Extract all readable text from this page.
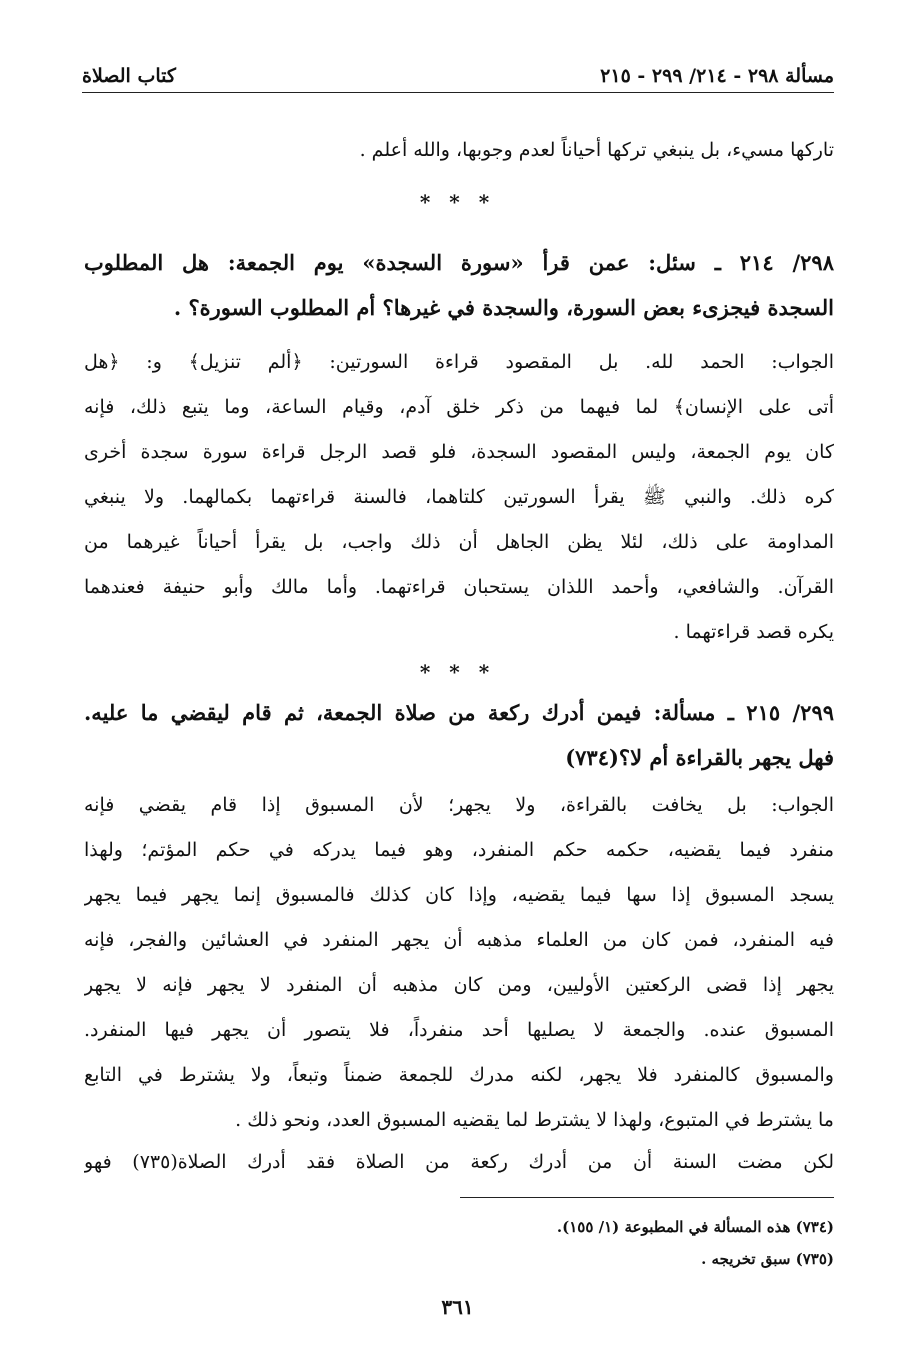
مسألة ٢٩٨ - ٢١٤/ ٢٩٩ - ٢١٥
كتاب الصلاة
تاركها مسيء، بل ينبغي تركها أحياناً لعدم وجوبها، والله أعلم .
* * *
٢٩٨/ ٢١٤ ـ سئل: عمن قرأ «سورة السجدة» يوم الجمعة: هل المطلوب
السجدة فيجزىء بعض السورة، والسجدة في غيرها؟ أم المطلوب السورة؟ .
الجواب: الحمد لله. بل المقصود قراءة السورتين: ﴿ألم تنزيل﴾ و: ﴿هل
أتى على الإنسان﴾ لما فيهما من ذكر خلق آدم، وقيام الساعة، وما يتبع ذلك، فإنه
كان يوم الجمعة، وليس المقصود السجدة، فلو قصد الرجل قراءة سورة سجدة أخرى
كره ذلك. والنبي ﷺ يقرأ السورتين كلتاهما، فالسنة قراءتهما بكمالهما. ولا ينبغي
المداومة على ذلك، لئلا يظن الجاهل أن ذلك واجب، بل يقرأ أحياناً غيرهما من
القرآن. والشافعي، وأحمد اللذان يستحبان قراءتهما. وأما مالك وأبو حنيفة فعندهما
يكره قصد قراءتهما .
* * *
٢٩٩/ ٢١٥ ـ مسألة: فيمن أدرك ركعة من صلاة الجمعة، ثم قام ليقضي ما عليه.
فهل يجهر بالقراءة أم لا؟(٧٣٤)
الجواب: بل يخافت بالقراءة، ولا يجهر؛ لأن المسبوق إذا قام يقضي فإنه
منفرد فيما يقضيه، حكمه حكم المنفرد، وهو فيما يدركه في حكم المؤتم؛ ولهذا
يسجد المسبوق إذا سها فيما يقضيه، وإذا كان كذلك فالمسبوق إنما يجهر فيما يجهر
فيه المنفرد، فمن كان من العلماء مذهبه أن يجهر المنفرد في العشائين والفجر، فإنه
يجهر إذا قضى الركعتين الأوليين، ومن كان مذهبه أن المنفرد لا يجهر فإنه لا يجهر
المسبوق عنده. والجمعة لا يصليها أحد منفرداً، فلا يتصور أن يجهر فيها المنفرد.
والمسبوق كالمنفرد فلا يجهر، لكنه مدرك للجمعة ضمناً وتبعاً، ولا يشترط في التابع
ما يشترط في المتبوع، ولهذا لا يشترط لما يقضيه المسبوق العدد، ونحو ذلك .
لكن مضت السنة أن من أدرك ركعة من الصلاة فقد أدرك الصلاة(٧٣٥) فهو
(٧٣٤) هذه المسألة في المطبوعة (١/ ١٥٥).
(٧٣٥) سبق تخريجه .
٣٦١
